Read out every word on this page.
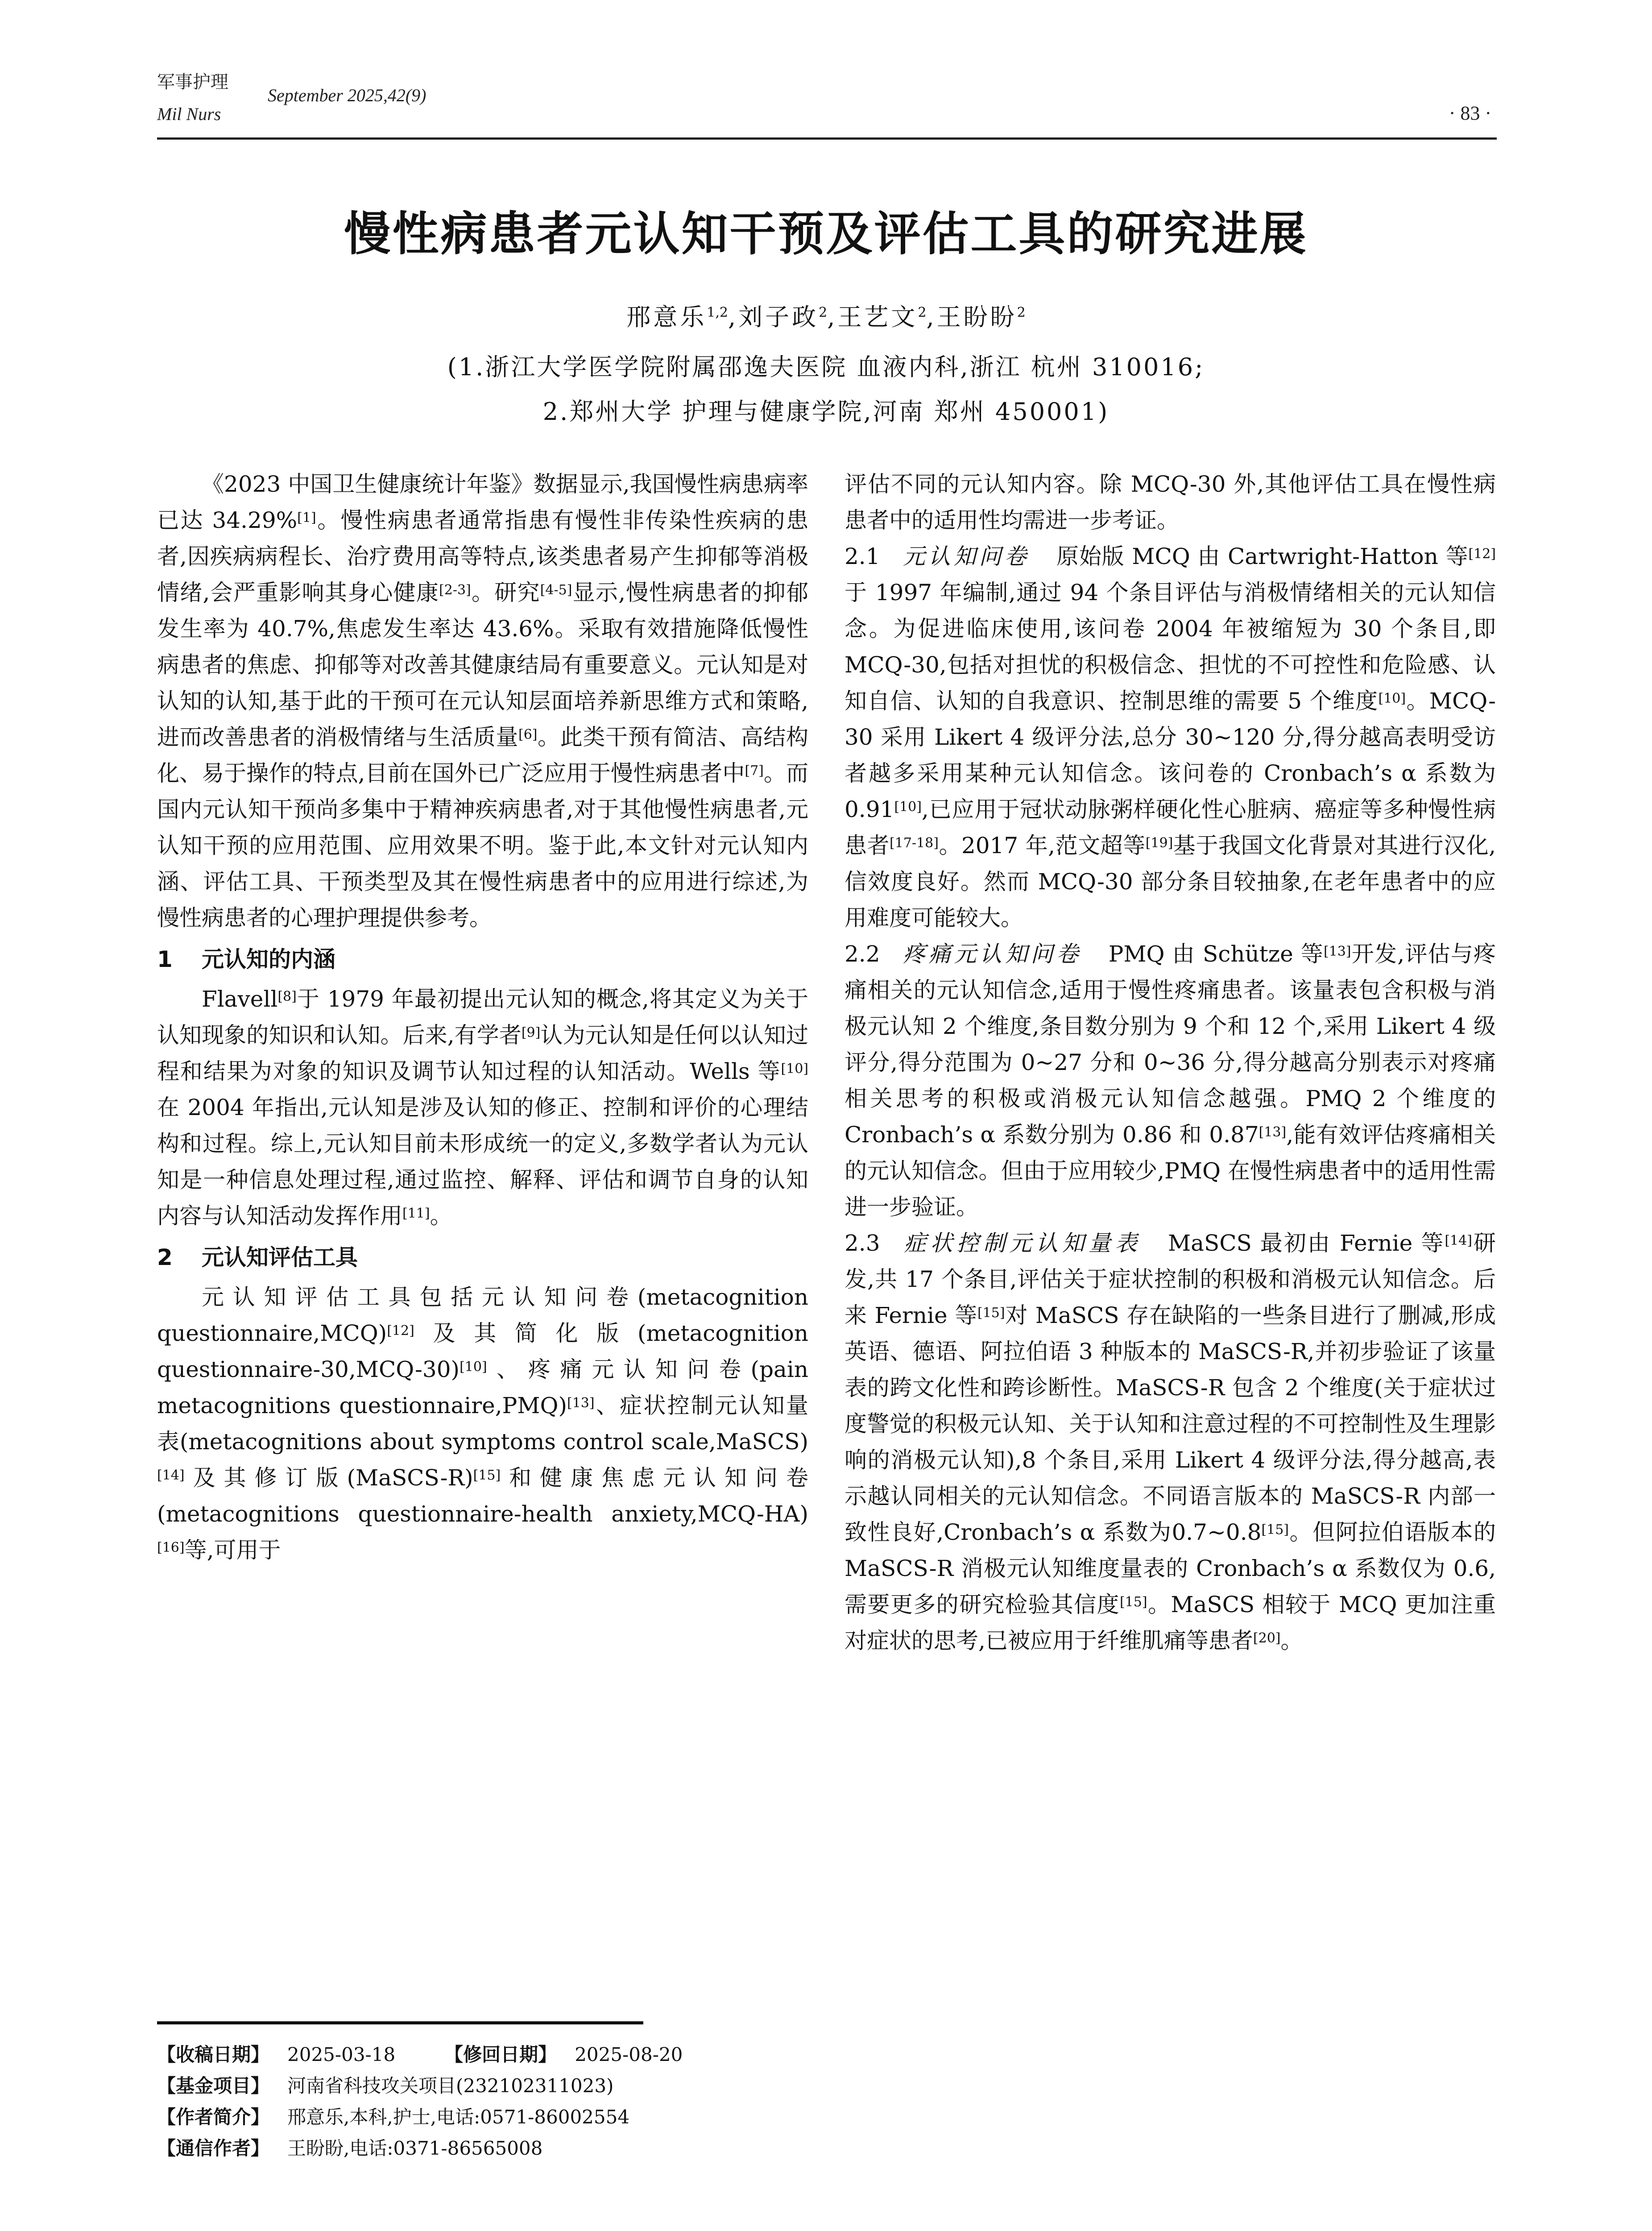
军事护理
September 2025,42(9)
Mil Nurs	· 83 ·
慢性病患者元认知干预及评估工具的研究进展
邢意乐$^{1,2}$,刘子政$^2$,王艺文$^2$,王盼盼$^2$
(1.浙江大学医学院附属邵逸夫医院 血液内科,浙江 杭州 310016;
2.郑州大学 护理与健康学院,河南 郑州 450001)

《2023 中国卫生健康统计年鉴》数据显示,我国慢性病患病率已达 34.29%[1]。慢性病患者通常指患有慢性非传染性疾病的患者,因疾病病程长、治疗费用高等特点,该类患者易产生抑郁等消极情绪,会严重影响其身心健康[2-3]。研究[4-5]显示,慢性病患者的抑郁发生率为 40.7%,焦虑发生率达 43.6%。采取有效措施降低慢性病患者的焦虑、抑郁等对改善其健康结局有重要意义。元认知是对认知的认知,基于此的干预可在元认知层面培养新思维方式和策略,进而改善患者的消极情绪与生活质量[6]。此类干预有简洁、高结构化、易于操作的特点,目前在国外已广泛应用于慢性病患者中[7]。而国内元认知干预尚多集中于精神疾病患者,对于其他慢性病患者,元认知干预的应用范围、应用效果不明。鉴于此,本文针对元认知内涵、评估工具、干预类型及其在慢性病患者中的应用进行综述,为慢性病患者的心理护理提供参考。

1 元认知的内涵

Flavell[8]于 1979 年最初提出元认知的概念,将其定义为关于认知现象的知识和认知。后来,有学者[9]认为元认知是任何以认知过程和结果为对象的知识及调节认知过程的认知活动。Wells 等[10]在 2004 年指出,元认知是涉及认知的修正、控制和评价的心理结构和过程。综上,元认知目前未形成统一的定义,多数学者认为元认知是一种信息处理过程,通过监控、解释、评估和调节自身的认知内容与认知活动发挥作用[11]。

2 元认知评估工具

元认知评估工具包括元认知问卷(metacognition questionnaire,MCQ)[12]及其简化版(metacognition questionnaire-30,MCQ-30)[10]、疼痛元认知问卷(pain metacognitions questionnaire,PMQ)[13]、症状控制元认知量表(metacognitions about symptoms control scale,MaSCS)[14]及其修订版(MaSCS-R)[15]和健康焦虑元认知问卷(metacognitions questionnaire-health anxiety,MCQ-HA)[16]等,可用于

评估不同的元认知内容。除 MCQ-30 外,其他评估工具在慢性病患者中的适用性均需进一步考证。

2.1 元认知问卷 原始版 MCQ 由 Cartwright-Hatton 等[12]于 1997 年编制,通过 94 个条目评估与消极情绪相关的元认知信念。为促进临床使用,该问卷 2004 年被缩短为 30 个条目,即 MCQ-30,包括对担忧的积极信念、担忧的不可控性和危险感、认知自信、认知的自我意识、控制思维的需要 5 个维度[10]。MCQ-30 采用 Likert 4 级评分法,总分 30~120 分,得分越高表明受访者越多采用某种元认知信念。该问卷的 Cronbach’s α 系数为 0.91[10],已应用于冠状动脉粥样硬化性心脏病、癌症等多种慢性病患者[17-18]。2017 年,范文超等[19]基于我国文化背景对其进行汉化,信效度良好。然而 MCQ-30 部分条目较抽象,在老年患者中的应用难度可能较大。

2.2 疼痛元认知问卷 PMQ 由 Schütze 等[13]开发,评估与疼痛相关的元认知信念,适用于慢性疼痛患者。该量表包含积极与消极元认知 2 个维度,条目数分别为 9 个和 12 个,采用 Likert 4 级评分,得分范围为 0~27 分和 0~36 分,得分越高分别表示对疼痛相关思考的积极或消极元认知信念越强。PMQ 2 个维度的 Cronbach’s α 系数分别为 0.86 和 0.87[13],能有效评估疼痛相关的元认知信念。但由于应用较少,PMQ 在慢性病患者中的适用性需进一步验证。

2.3 症状控制元认知量表 MaSCS 最初由 Fernie 等[14]研发,共 17 个条目,评估关于症状控制的积极和消极元认知信念。后来 Fernie 等[15]对 MaSCS 存在缺陷的一些条目进行了删减,形成英语、德语、阿拉伯语 3 种版本的 MaSCS-R,并初步验证了该量表的跨文化性和跨诊断性。MaSCS-R 包含 2 个维度(关于症状过度警觉的积极元认知、关于认知和注意过程的不可控制性及生理影响的消极元认知),8 个条目,采用 Likert 4 级评分法,得分越高,表示越认同相关的元认知信念。不同语言版本的 MaSCS-R 内部一致性良好,Cronbach’s α 系数为0.7~0.8[15]。但阿拉伯语版本的 MaSCS-R 消极元认知维度量表的 Cronbach’s α 系数仅为 0.6,需要更多的研究检验其信度[15]。MaSCS 相较于 MCQ 更加注重对症状的思考,已被应用于纤维肌痛等患者[20]。

【收稿日期】 2025-03-18	【修回日期】 2025-08-20
【基金项目】 河南省科技攻关项目(232102311023)
【作者简介】 邢意乐,本科,护士,电话:0571-86002554
【通信作者】 王盼盼,电话:0371-86565008
